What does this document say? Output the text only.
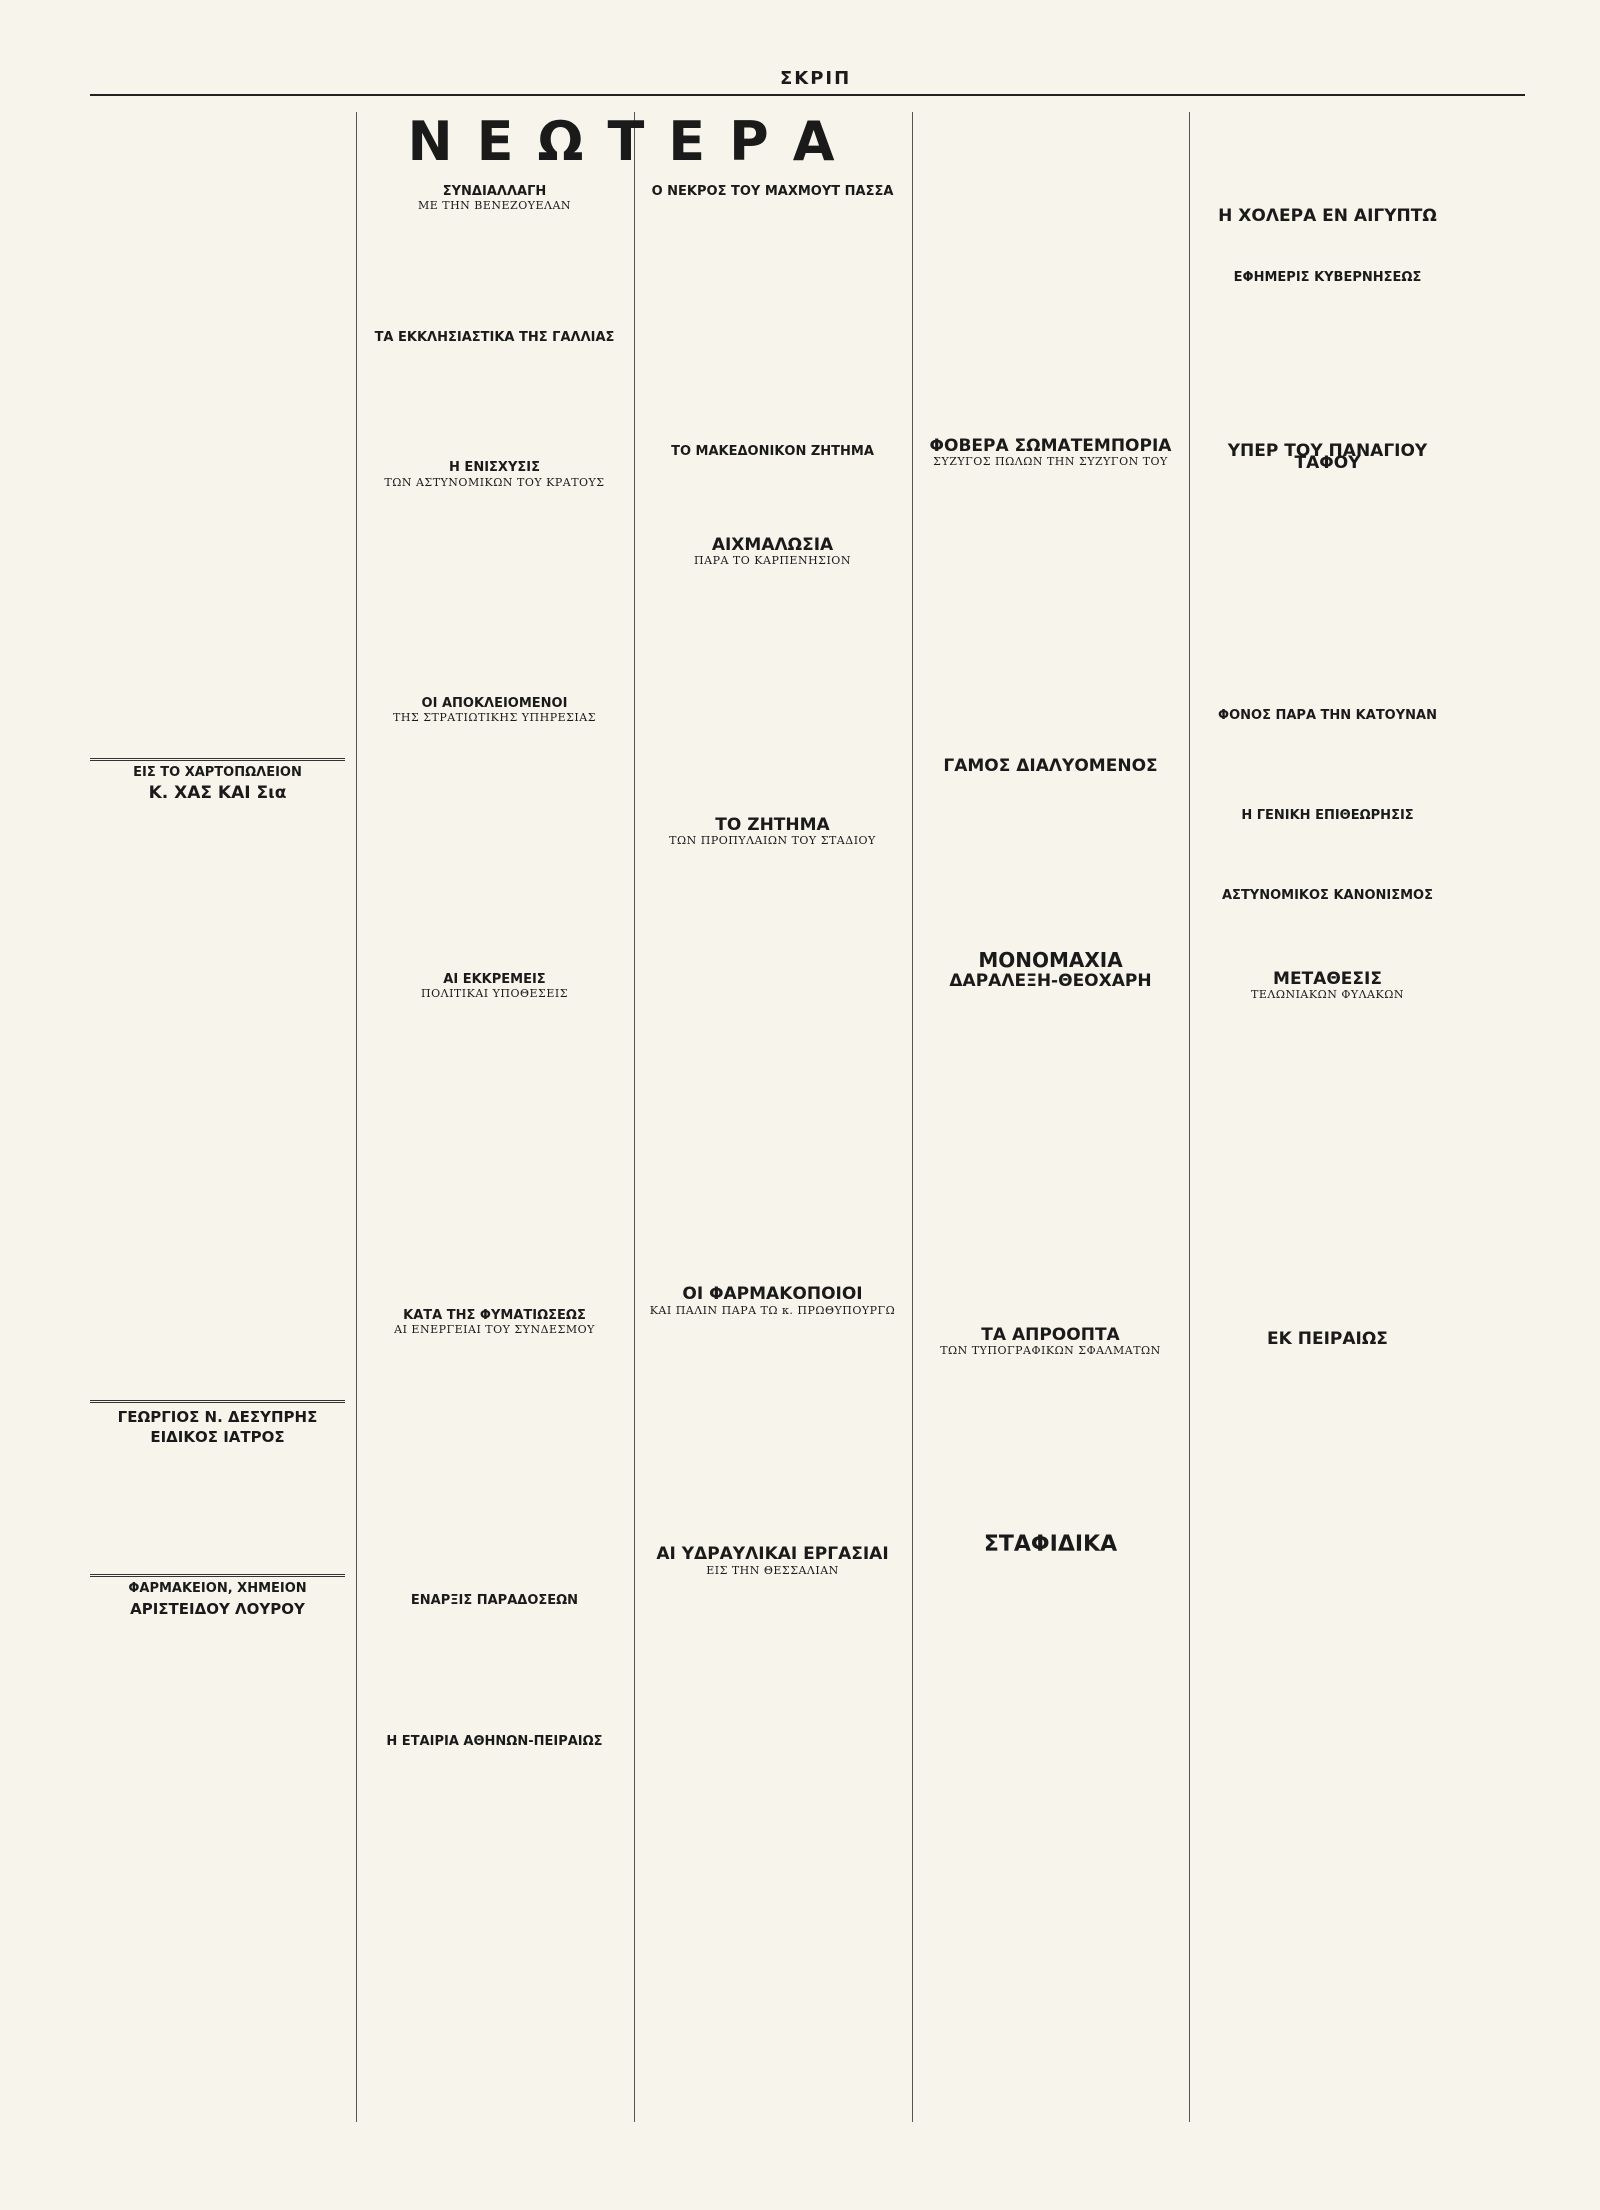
ΣΚΡΙΠ
ΕΙΣ ΤΟ ΧΑΡΤΟΠΩΛΕΙΟΝ
Κ. ΧΑΣ ΚΑΙ Σια
ΓΕΩΡΓΙΟΣ Ν. ΔΕΣΥΠΡΗΣ
ΕΙΔΙΚΟΣ ΙΑΤΡΟΣ
ΦΑΡΜΑΚΕΙΟΝ, ΧΗΜΕΙΟΝ
ΑΡΙΣΤΕΙΔΟΥ ΛΟΥΡΟΥ
ΝΕΩΤΕΡΑ
ΣΥΝΔΙΑΛΛΑΓΗ
ΜΕ ΤΗΝ ΒΕΝΕΖΟΥΕΛΑΝ
ΤΑ ΕΚΚΛΗΣΙΑΣΤΙΚΑ ΤΗΣ ΓΑΛΛΙΑΣ
Η ΕΝΙΣΧΥΣΙΣ
ΤΩΝ ΑΣΤΥΝΟΜΙΚΩΝ ΤΟΥ ΚΡΑΤΟΥΣ
ΟΙ ΑΠΟΚΛΕΙΟΜΕΝΟΙ
ΤΗΣ ΣΤΡΑΤΙΩΤΙΚΗΣ ΥΠΗΡΕΣΙΑΣ
ΑΙ ΕΚΚΡΕΜΕΙΣ
ΠΟΛΙΤΙΚΑΙ ΥΠΟΘΕΣΕΙΣ
ΚΑΤΑ ΤΗΣ ΦΥΜΑΤΙΩΣΕΩΣ
ΑΙ ΕΝΕΡΓΕΙΑΙ ΤΟΥ ΣΥΝΔΕΣΜΟΥ
ΕΝΑΡΞΙΣ ΠΑΡΑΔΟΣΕΩΝ
Η ΕΤΑΙΡΙΑ ΑΘΗΝΩΝ-ΠΕΙΡΑΙΩΣ
Ο ΝΕΚΡΟΣ ΤΟΥ ΜΑΧΜΟΥΤ ΠΑΣΣΑ
ΤΟ ΜΑΚΕΔΟΝΙΚΟΝ ΖΗΤΗΜΑ
ΑΙΧΜΑΛΩΣΙΑ
ΠΑΡΑ ΤΟ ΚΑΡΠΕΝΗΣΙΟΝ
ΤΟ ΖΗΤΗΜΑ
ΤΩΝ ΠΡΟΠΥΛΑΙΩΝ ΤΟΥ ΣΤΑΔΙΟΥ
ΟΙ ΦΑΡΜΑΚΟΠΟΙΟΙ
ΚΑΙ ΠΑΛΙΝ ΠΑΡΑ ΤΩ κ. ΠΡΩΘΥΠΟΥΡΓΩ
ΑΙ ΥΔΡΑΥΛΙΚΑΙ ΕΡΓΑΣΙΑΙ
ΕΙΣ ΤΗΝ ΘΕΣΣΑΛΙΑΝ
ΦΟΒΕΡΑ ΣΩΜΑΤΕΜΠΟΡΙΑ
ΣΥΖΥΓΟΣ ΠΩΛΩΝ ΤΗΝ ΣΥΖΥΓΟΝ ΤΟΥ
ΓΑΜΟΣ ΔΙΑΛΥΟΜΕΝΟΣ
ΜΟΝΟΜΑΧΙΑ
ΔΑΡΑΛΕΞΗ-ΘΕΟΧΑΡΗ
ΤΑ ΑΠΡΟΟΠΤΑ
ΤΩΝ ΤΥΠΟΓΡΑΦΙΚΩΝ ΣΦΑΛΜΑΤΩΝ
ΣΤΑΦΙΔΙΚΑ
Η ΧΟΛΕΡΑ ΕΝ ΑΙΓΥΠΤΩ
ΕΦΗΜΕΡΙΣ ΚΥΒΕΡΝΗΣΕΩΣ
ΥΠΕΡ ΤΟΥ ΠΑΝΑΓΙΟΥ ΤΑΦΟΥ
ΦΟΝΟΣ ΠΑΡΑ ΤΗΝ ΚΑΤΟΥΝΑΝ
Η ΓΕΝΙΚΗ ΕΠΙΘΕΩΡΗΣΙΣ
ΑΣΤΥΝΟΜΙΚΟΣ ΚΑΝΟΝΙΣΜΟΣ
ΜΕΤΑΘΕΣΙΣ
ΤΕΛΩΝΙΑΚΩΝ ΦΥΛΑΚΩΝ
ΕΚ ΠΕΙΡΑΙΩΣ
